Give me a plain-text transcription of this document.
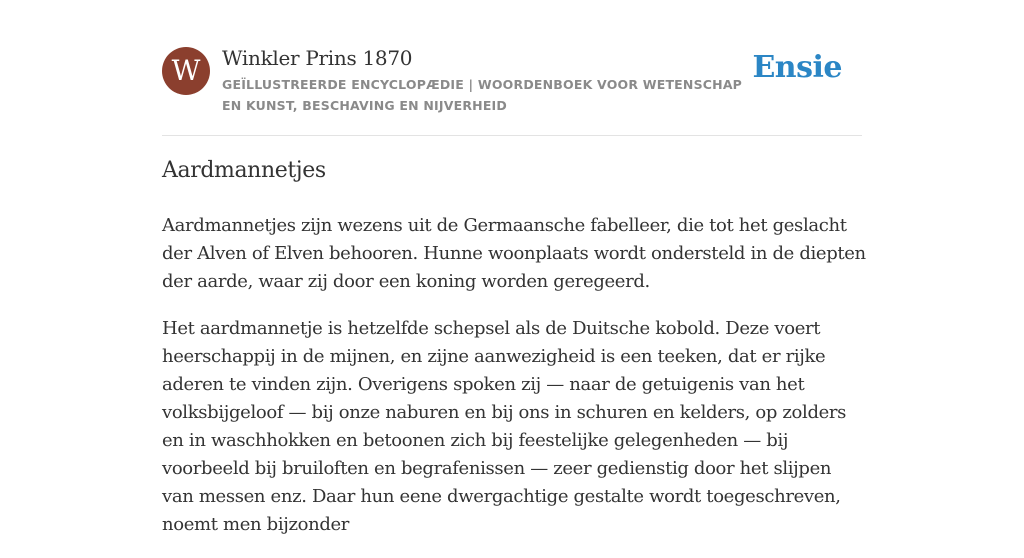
W	Winkler Prins 1870
GEÏLLUSTREERDE ENCYCLOPÆDIE | WOORDENBOEK VOOR WETENSCHAP EN KUNST, BESCHAVING EN NIJVERHEID
Ensie
Aardmannetjes

Aardmannetjes zijn wezens uit de Germaansche fabelleer, die tot het geslacht der Alven of Elven behooren. Hunne woonplaats wordt ondersteld in de diepten der aarde, waar zij door een koning worden geregeerd.

Het aardmannetje is hetzelfde schepsel als de Duitsche kobold. Deze voert heerschappij in de mijnen, en zijne aanwezigheid is een teeken, dat er rijke aderen te vinden zijn. Overigens spoken zij — naar de getuigenis van het volksbijgeloof — bij onze naburen en bij ons in schuren en kelders, op zolders en in waschhokken en betoonen zich bij feestelijke gelegenheden — bij voorbeeld bij bruiloften en begrafenissen — zeer gedienstig door het slijpen van messen enz. Daar hun eene dwergachtige gestalte wordt toegeschreven, noemt men bijzonder
